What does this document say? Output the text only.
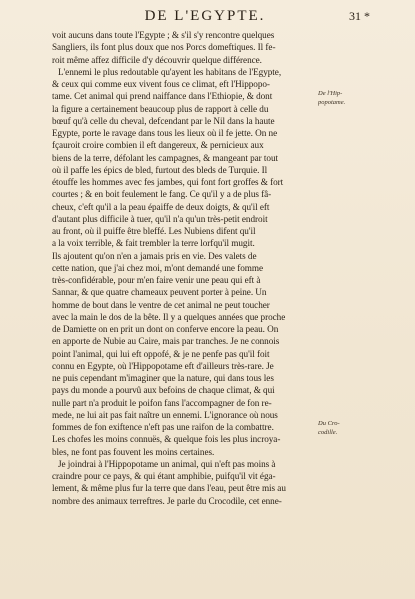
DE L'EGYPTE.	31 *
voit aucuns dans toute l'Egypte ; & s'il s'y rencontre quelques
Sangliers, ils font plus doux que nos Porcs domeftiques. Il fe-
roit même affez difficile d'y découvrir quelque différence.
L'ennemi le plus redoutable qu'ayent les habitans de l'Egypte,
& ceux qui comme eux vivent fous ce climat, eft l'Hippopo-
tame. Cet animal qui prend naiffance dans l'Ethiopie, & dont
la figure a certainement beaucoup plus de rapport à celle du
bœuf qu'à celle du cheval, defcendant par le Nil dans la haute
Egypte, porte le ravage dans tous les lieux où il fe jette. On ne
fçauroit croire combien il eft dangereux, & pernicieux aux
biens de la terre, défolant les campagnes, & mangeant par tout
où il paffe les épics de bled, furtout des bleds de Turquie. Il
étouffe les hommes avec fes jambes, qui font fort groffes & fort
courtes ; & en boit feulement le fang. Ce qu'il y a de plus fâ-
cheux, c'eft qu'il a la peau épaiffe de deux doigts, & qu'il eft
d'autant plus difficile à tuer, qu'il n'a qu'un très-petit endroit
au front, où il puiffe être bleffé. Les Nubiens difent qu'il
a la voix terrible, & fait trembler la terre lorfqu'il mugit.
Ils ajoutent qu'on n'en a jamais pris en vie. Des valets de
cette nation, que j'ai chez moi, m'ont demandé une fomme
très-confidérable, pour m'en faire venir une peau qui eft à
Sannar, & que quatre chameaux peuvent porter à peine. Un
homme de bout dans le ventre de cet animal ne peut toucher
avec la main le dos de la bête. Il y a quelques années que proche
de Damiette on en prit un dont on conferve encore la peau. On
en apporte de Nubie au Caire, mais par tranches. Je ne connois
point l'animal, qui lui eft oppofé, & je ne penfe pas qu'il foit
connu en Egypte, où l'Hippopotame eft d'ailleurs très-rare. Je
ne puis cependant m'imaginer que la nature, qui dans tous les
pays du monde a pourvû aux befoins de chaque climat, & qui
nulle part n'a produit le poifon fans l'accompagner de fon re-
mede, ne lui ait pas fait naître un ennemi. L'ignorance où nous
fommes de fon exiftence n'eft pas une raifon de la combattre.
Les chofes les moins connuës, & quelque fois les plus incroya-
bles, ne font pas fouvent les moins certaines.
Je joindrai à l'Hippopotame un animal, qui n'eft pas moins à
craindre pour ce pays, & qui étant amphibie, puifqu'il vit éga-
lement, & même plus fur la terre que dans l'eau, peut être mis au
nombre des animaux terreftres. Je parle du Crocodile, cet enne-
De l'Hip-
popotame.
Du Cro-
codille.
